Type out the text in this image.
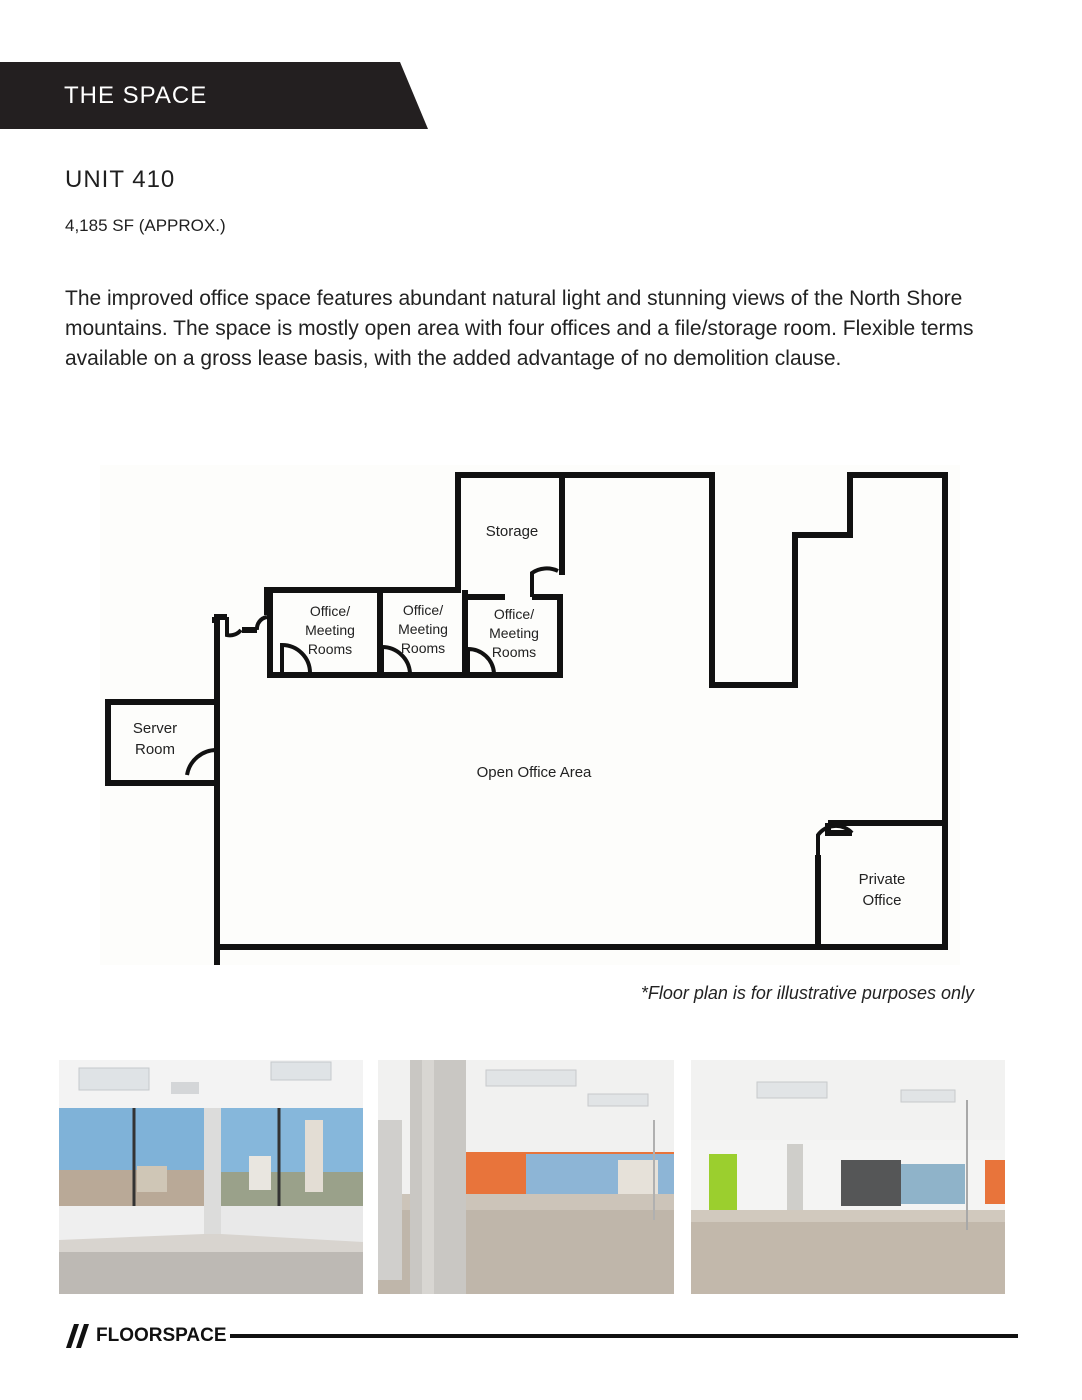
THE SPACE
UNIT 410
4,185 SF (APPROX.)
The improved office space features abundant natural light and stunning views of the North Shore mountains. The space is mostly open area with four offices and a file/storage room. Flexible terms available on a gross lease basis, with the added advantage of no demolition clause.
Storage
Office/
Meeting
Rooms
Office/
Meeting
Rooms
Office/
Meeting
Rooms
Server
Room
Open Office Area
Private
Office
*Floor plan is for illustrative purposes only
FLOORSPACE
